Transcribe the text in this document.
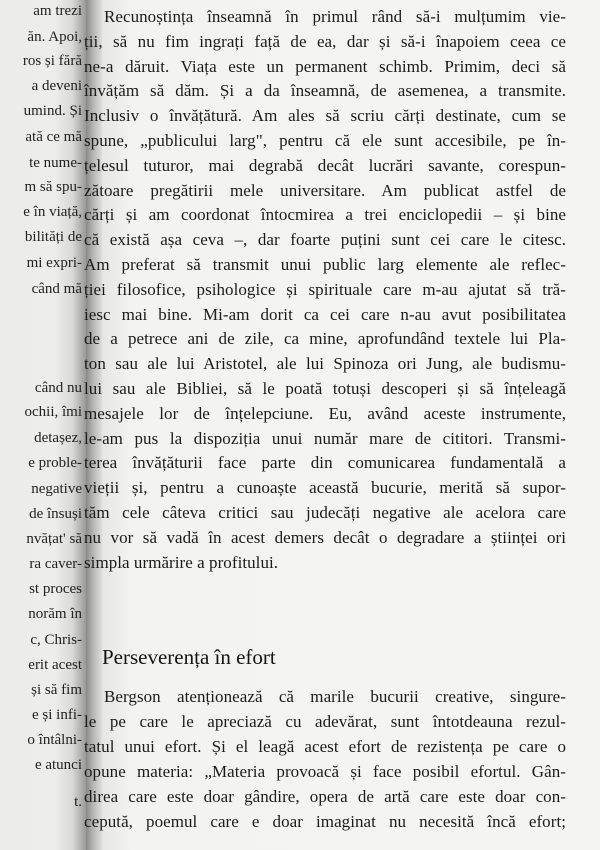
am trezi
ăn. Apoi,
ros și fără
a deveni
umind. Și
ată ce mă
te nume-
m să spu-
e în viață,
bilități de
mi expri-
când mă
când nu
ochii, îmi
detașez,
e proble-
negative
de însuși
nvățat' să
ra caver-
st proces
norăm în
c, Chris-
erit acest
și să fim
e și infi-
o întâlni-
e atunci
t.
Recunoștința înseamnă în primul rând să-i mulțumim vie-
ții, să nu fim ingrați față de ea, dar și să-i înapoiem ceea ce
ne-a dăruit. Viața este un permanent schimb. Primim, deci să
învățăm să dăm. Și a da înseamnă, de asemenea, a transmite.
Inclusiv o învățătură. Am ales să scriu cărți destinate, cum se
spune, „publicului larg", pentru că ele sunt accesibile, pe în-
țelesul tuturor, mai degrabă decât lucrări savante, corespun-
zătoare pregătirii mele universitare. Am publicat astfel de
cărți și am coordonat întocmirea a trei enciclopedii – și bine
că există așa ceva –, dar foarte puțini sunt cei care le citesc.
Am preferat să transmit unui public larg elemente ale reflec-
ției filosofice, psihologice și spirituale care m-au ajutat să tră-
iesc mai bine. Mi-am dorit ca cei care n-au avut posibilitatea
de a petrece ani de zile, ca mine, aprofundând textele lui Pla-
ton sau ale lui Aristotel, ale lui Spinoza ori Jung, ale budismu-
lui sau ale Bibliei, să le poată totuși descoperi și să înțeleagă
mesajele lor de înțelepciune. Eu, având aceste instrumente,
le-am pus la dispoziția unui număr mare de cititori. Transmi-
terea învățăturii face parte din comunicarea fundamentală a
vieții și, pentru a cunoaște această bucurie, merită să supor-
tăm cele câteva critici sau judecăți negative ale acelora care
nu vor să vadă în acest demers decât o degradare a științei ori
simpla urmărire a profitului.
Perseverența în efort
Bergson atenționează că marile bucurii creative, singure-
le pe care le apreciază cu adevărat, sunt întotdeauna rezul-
tatul unui efort. Și el leagă acest efort de rezistența pe care o
opune materia: „Materia provoacă și face posibil efortul. Gân-
direa care este doar gândire, opera de artă care este doar con-
cepută, poemul care e doar imaginat nu necesită încă efort;
